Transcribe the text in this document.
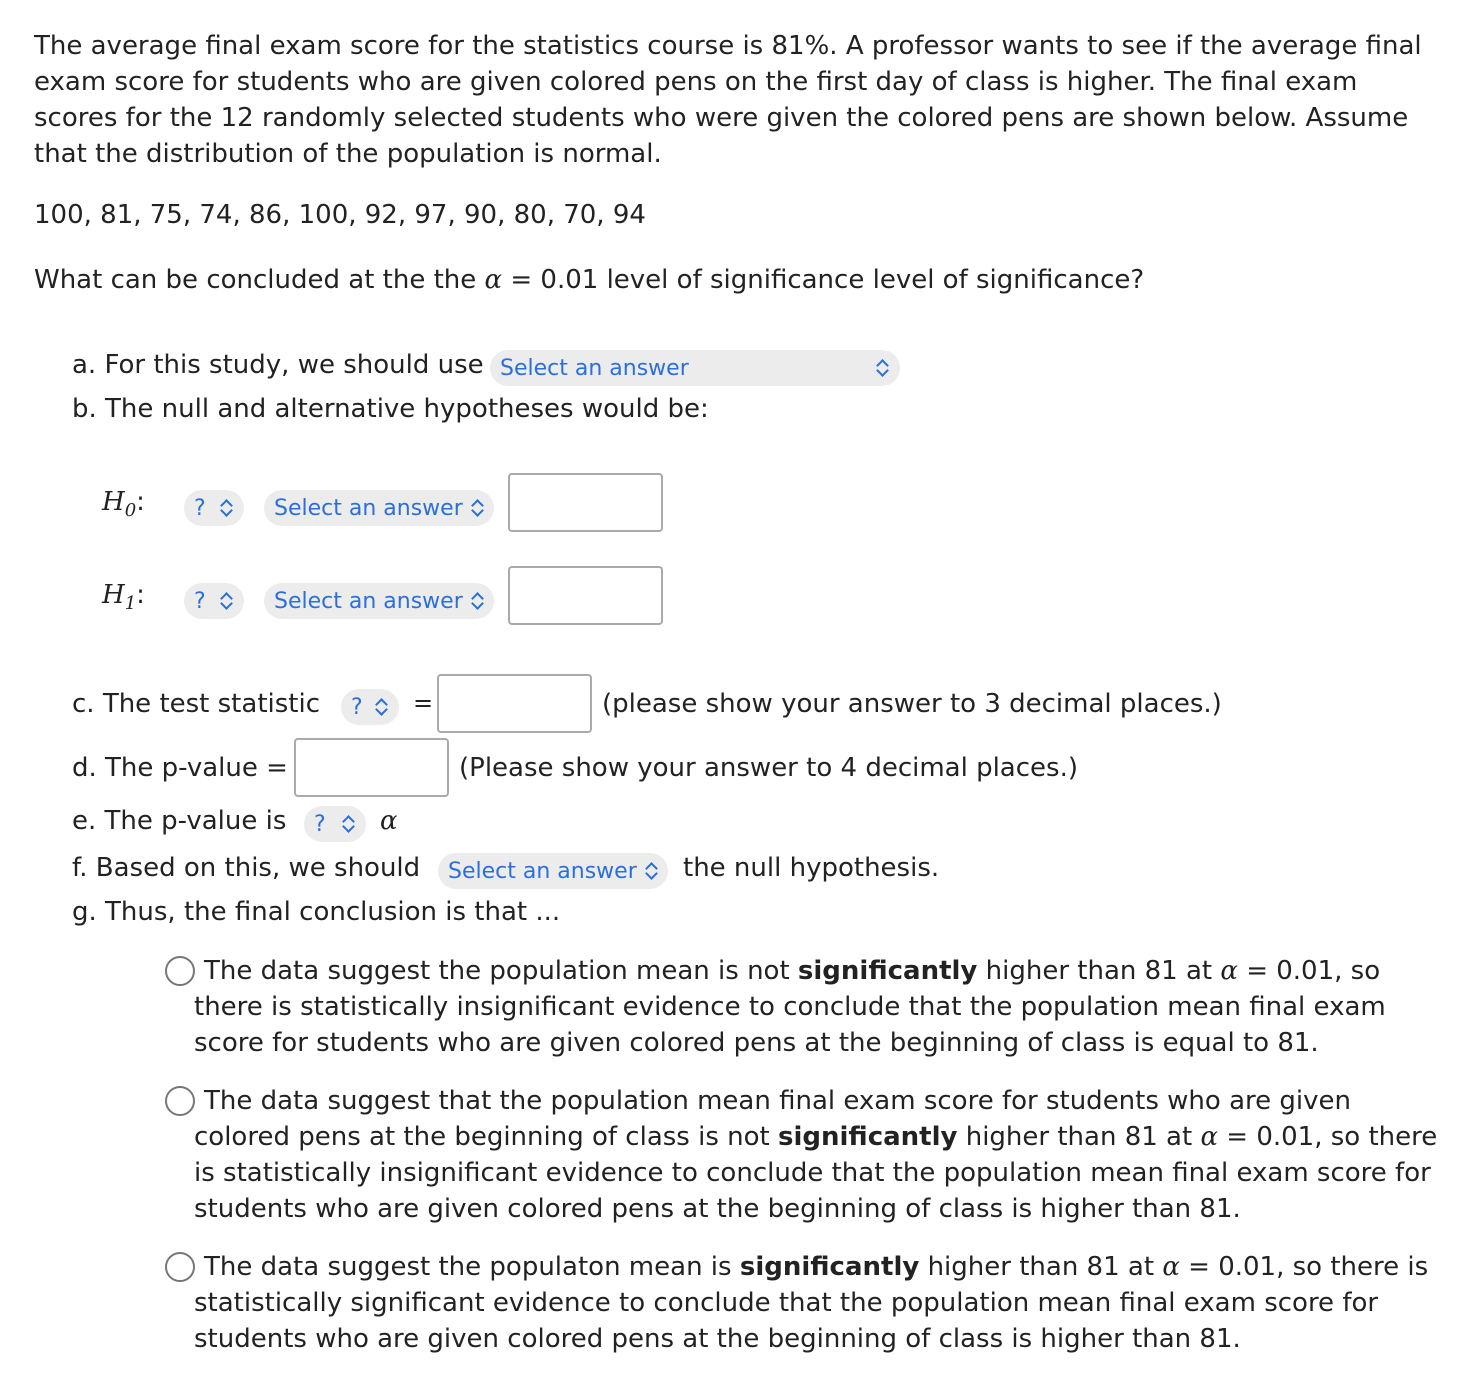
The average final exam score for the statistics course is 81%. A professor wants to see if the average final exam score for students who are given colored pens on the first day of class is higher. The final exam scores for the 12 randomly selected students who were given the colored pens are shown below. Assume that the distribution of the population is normal.
100, 81, 75, 74, 86, 100, 92, 97, 90, 80, 70, 94
What can be concluded at the the α = 0.01 level of significance level of significance?
a. For this study, we should use Select an answer
b. The null and alternative hypotheses would be:
$H_0$: ?	Select an answer
$H_1$: ?	Select an answer
c. The test statistic ? =	(please show your answer to 3 decimal places.)
d. The p-value =	(Please show your answer to 4 decimal places.)
e. The p-value is ?	α
f. Based on this, we should Select an answer the null hypothesis.
g. Thus, the final conclusion is that ...
The data suggest the population mean is not significantly higher than 81 at α = 0.01, so there is statistically insignificant evidence to conclude that the population mean final exam score for students who are given colored pens at the beginning of class is equal to 81.
The data suggest that the population mean final exam score for students who are given colored pens at the beginning of class is not significantly higher than 81 at α = 0.01, so there is statistically insignificant evidence to conclude that the population mean final exam score for students who are given colored pens at the beginning of class is higher than 81.
The data suggest the populaton mean is significantly higher than 81 at α = 0.01, so there is statistically significant evidence to conclude that the population mean final exam score for students who are given colored pens at the beginning of class is higher than 81.
